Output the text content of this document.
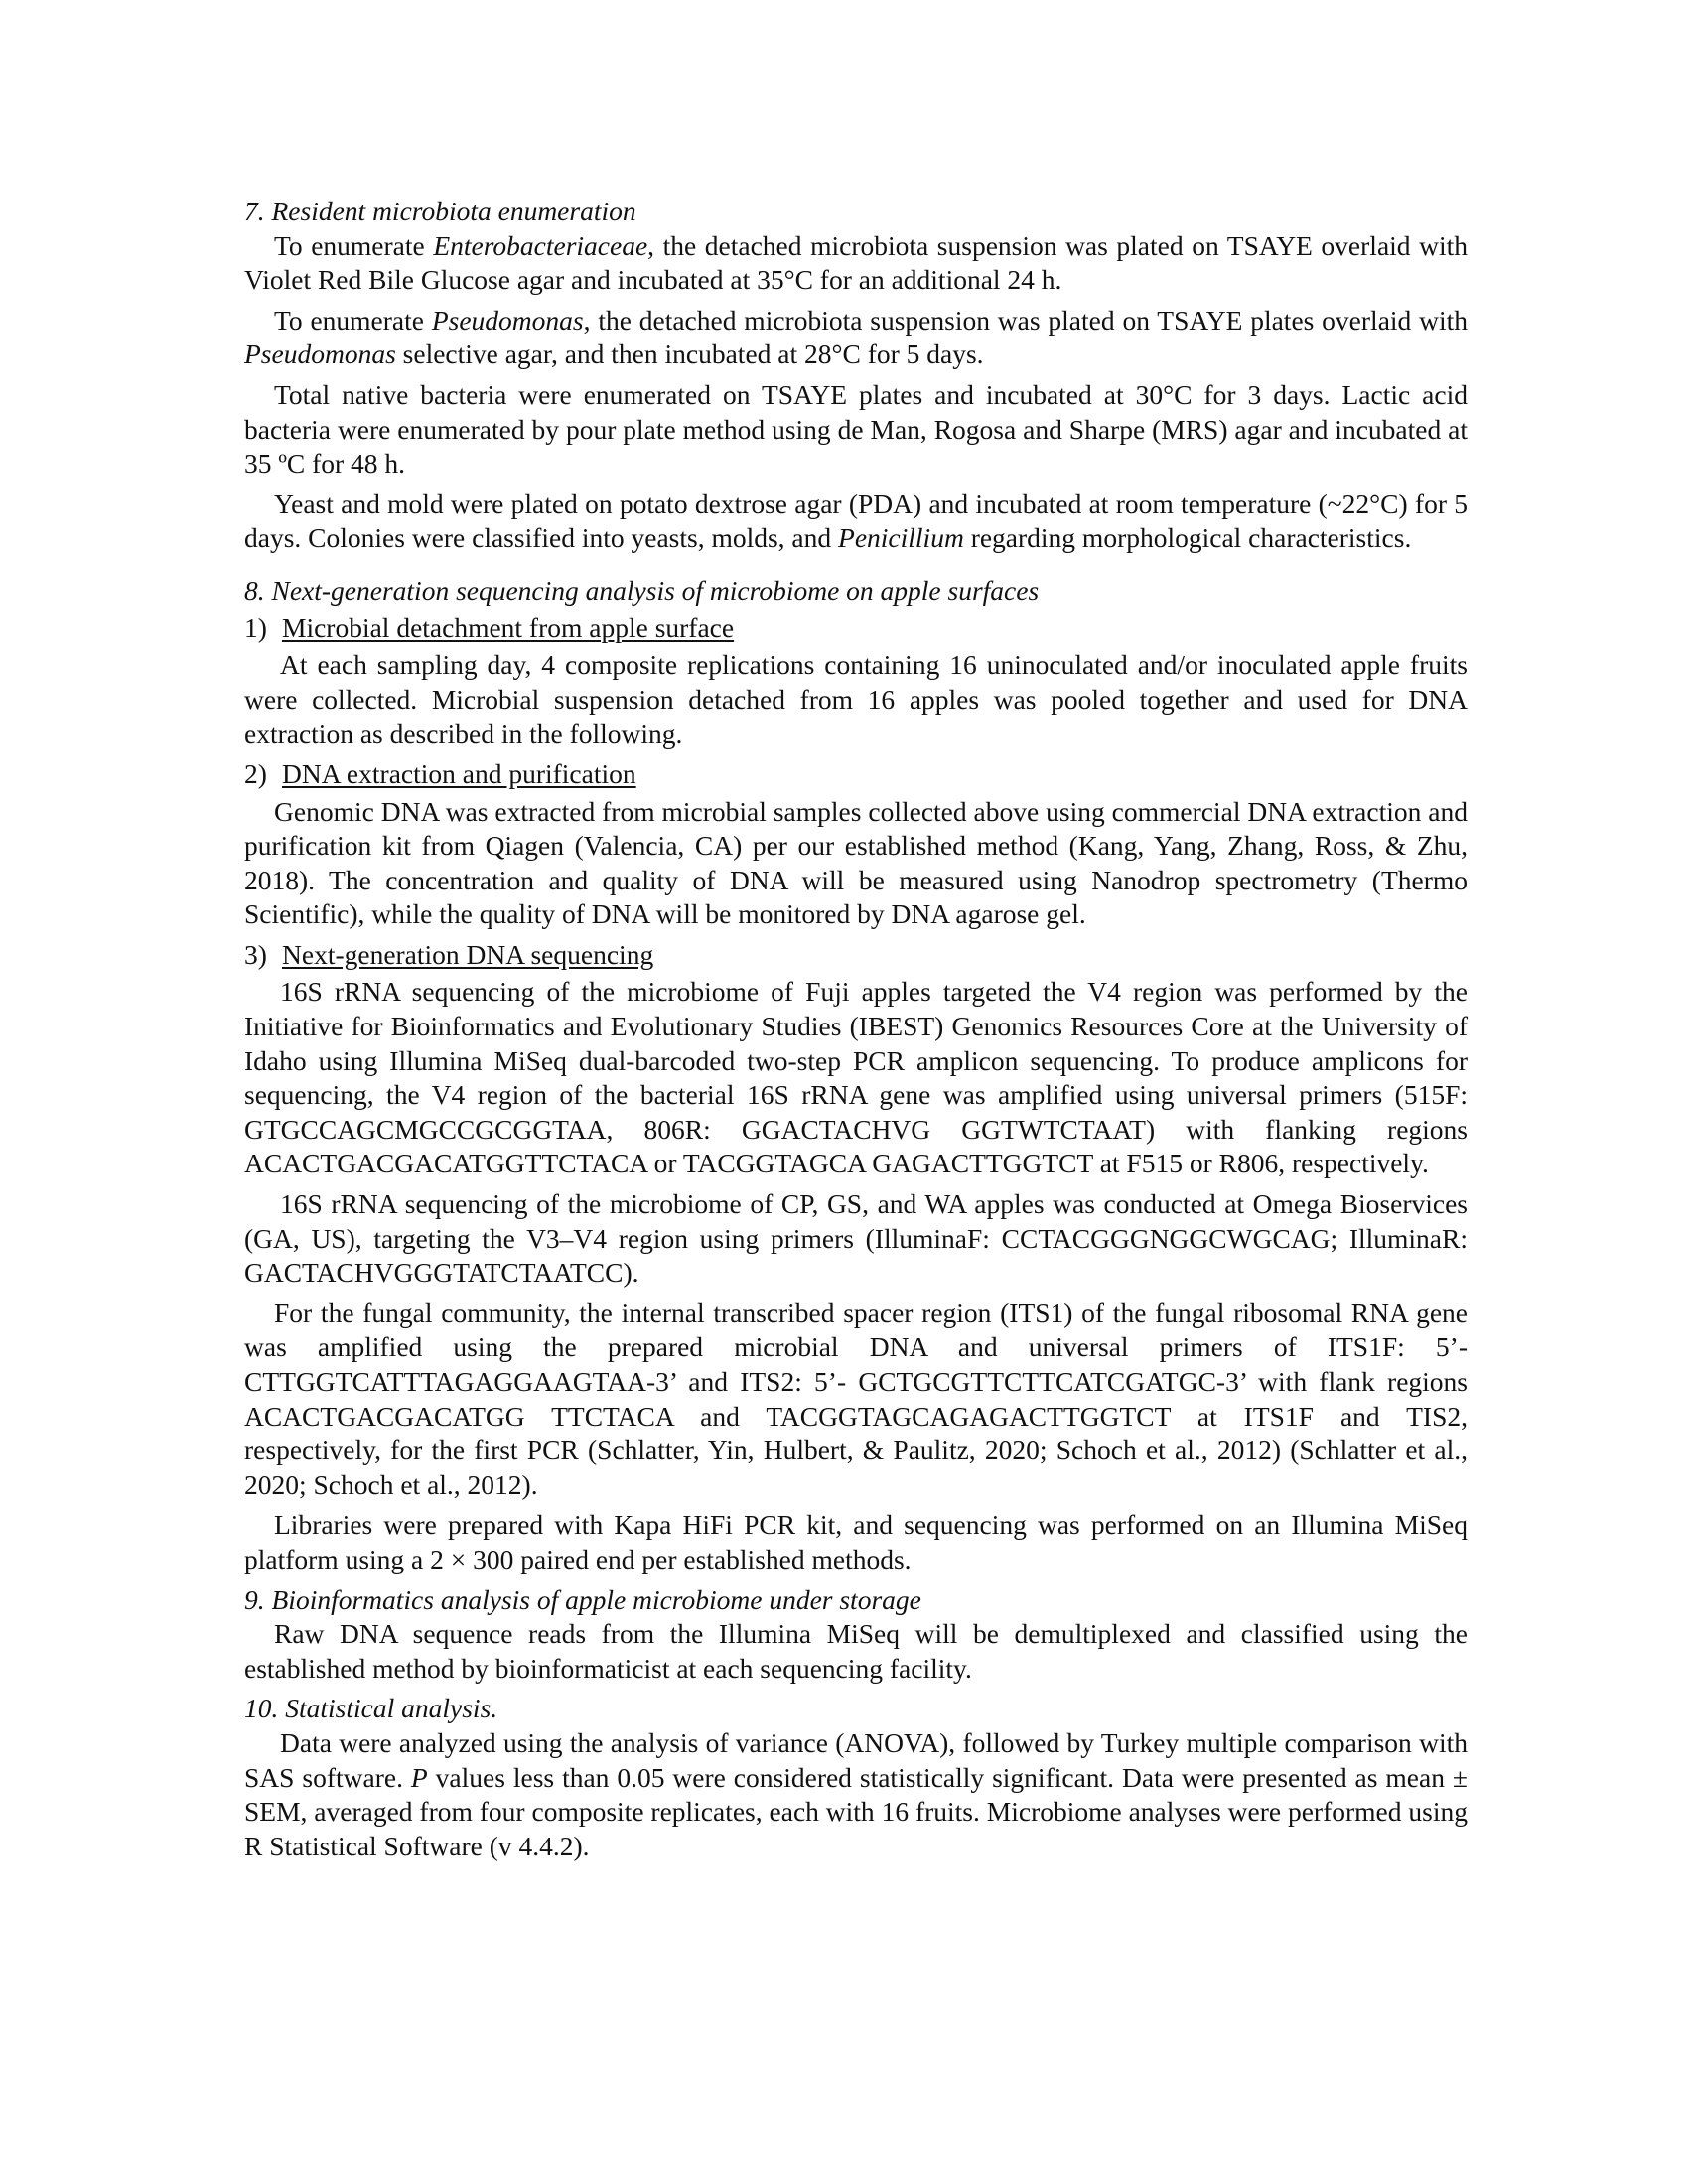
7. Resident microbiota enumeration

To enumerate Enterobacteriaceae, the detached microbiota suspension was plated on TSAYE overlaid with Violet Red Bile Glucose agar and incubated at 35°C for an additional 24 h.

To enumerate Pseudomonas, the detached microbiota suspension was plated on TSAYE plates overlaid with Pseudomonas selective agar, and then incubated at 28°C for 5 days.

Total native bacteria were enumerated on TSAYE plates and incubated at 30°C for 3 days. Lactic acid bacteria were enumerated by pour plate method using de Man, Rogosa and Sharpe (MRS) agar and incubated at 35 ºC for 48 h.

Yeast and mold were plated on potato dextrose agar (PDA) and incubated at room temperature (~22°C) for 5 days. Colonies were classified into yeasts, molds, and Penicillium regarding morphological characteristics.

8. Next-generation sequencing analysis of microbiome on apple surfaces

1) Microbial detachment from apple surface

At each sampling day, 4 composite replications containing 16 uninoculated and/or inoculated apple fruits were collected. Microbial suspension detached from 16 apples was pooled together and used for DNA extraction as described in the following.

2) DNA extraction and purification

Genomic DNA was extracted from microbial samples collected above using commercial DNA extraction and purification kit from Qiagen (Valencia, CA) per our established method (Kang, Yang, Zhang, Ross, & Zhu, 2018). The concentration and quality of DNA will be measured using Nanodrop spectrometry (Thermo Scientific), while the quality of DNA will be monitored by DNA agarose gel.

3) Next-generation DNA sequencing

16S rRNA sequencing of the microbiome of Fuji apples targeted the V4 region was performed by the Initiative for Bioinformatics and Evolutionary Studies (IBEST) Genomics Resources Core at the University of Idaho using Illumina MiSeq dual-barcoded two-step PCR amplicon sequencing. To produce amplicons for sequencing, the V4 region of the bacterial 16S rRNA gene was amplified using universal primers (515F: GTGCCAGCMGCCGCGGTAA, 806R: GGACTACHVG GGTWTCTAAT) with flanking regions ACACTGACGACATGGTTCTACA or TACGGTAGCA GAGACTTGGTCT at F515 or R806, respectively.

16S rRNA sequencing of the microbiome of CP, GS, and WA apples was conducted at Omega Bioservices (GA, US), targeting the V3–V4 region using primers (IlluminaF: CCTACGGGNGGCWGCAG; IlluminaR: GACTACHVGGGTATCTAATCC).

For the fungal community, the internal transcribed spacer region (ITS1) of the fungal ribosomal RNA gene was amplified using the prepared microbial DNA and universal primers of ITS1F: 5’-CTTGGTCATTTAGAGGAAGTAA-3’ and ITS2: 5’- GCTGCGTTCTTCATCGATGC-3’ with flank regions ACACTGACGACATGG TTCTACA and TACGGTAGCAGAGACTTGGTCT at ITS1F and TIS2, respectively, for the first PCR (Schlatter, Yin, Hulbert, & Paulitz, 2020; Schoch et al., 2012) (Schlatter et al., 2020; Schoch et al., 2012).

Libraries were prepared with Kapa HiFi PCR kit, and sequencing was performed on an Illumina MiSeq platform using a 2 × 300 paired end per established methods.

9. Bioinformatics analysis of apple microbiome under storage

Raw DNA sequence reads from the Illumina MiSeq will be demultiplexed and classified using the established method by bioinformaticist at each sequencing facility.

10. Statistical analysis.

Data were analyzed using the analysis of variance (ANOVA), followed by Turkey multiple comparison with SAS software. P values less than 0.05 were considered statistically significant. Data were presented as mean ± SEM, averaged from four composite replicates, each with 16 fruits. Microbiome analyses were performed using R Statistical Software (v 4.4.2).
